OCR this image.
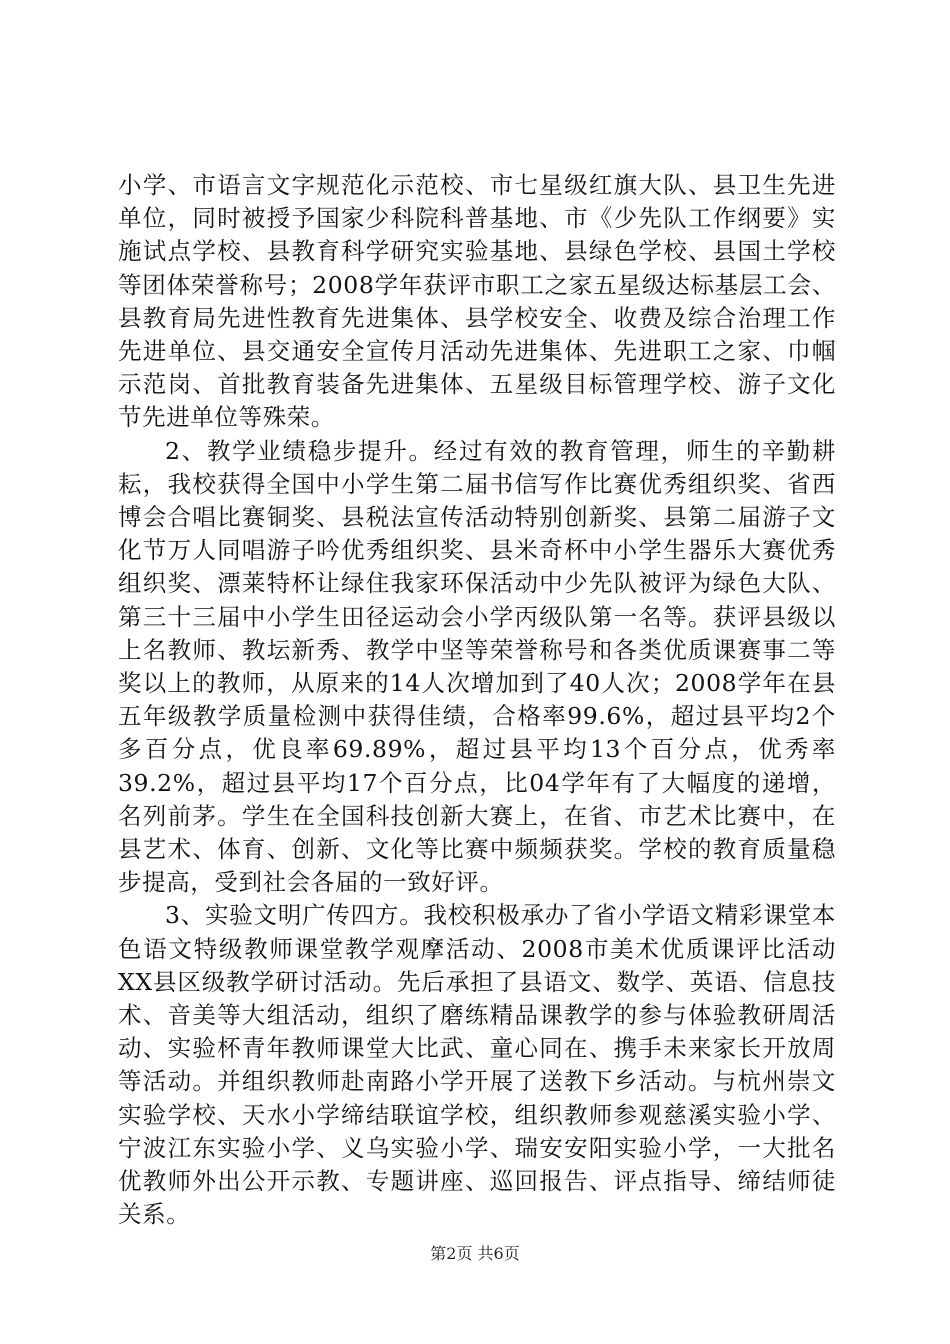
小学、市语言文字规范化示范校、市七星级红旗大队、县卫生先进单位，同时被授予国家少科院科普基地、市《少先队工作纲要》实施试点学校、县教育科学研究实验基地、县绿色学校、县国土学校等团体荣誉称号；2008学年获评市职工之家五星级达标基层工会、县教育局先进性教育先进集体、县学校安全、收费及综合治理工作先进单位、县交通安全宣传月活动先进集体、先进职工之家、巾帼示范岗、首批教育装备先进集体、五星级目标管理学校、游子文化节先进单位等殊荣。

2、教学业绩稳步提升。经过有效的教育管理，师生的辛勤耕耘，我校获得全国中小学生第二届书信写作比赛优秀组织奖、省西博会合唱比赛铜奖、县税法宣传活动特别创新奖、县第二届游子文化节万人同唱游子吟优秀组织奖、县米奇杯中小学生器乐大赛优秀组织奖、漂莱特杯让绿住我家环保活动中少先队被评为绿色大队、第三十三届中小学生田径运动会小学丙级队第一名等。获评县级以上名教师、教坛新秀、教学中坚等荣誉称号和各类优质课赛事二等奖以上的教师，从原来的14人次增加到了40人次；2008学年在县五年级教学质量检测中获得佳绩，合格率99.6%，超过县平均2个多百分点，优良率69.89%，超过县平均13个百分点，优秀率39.2%，超过县平均17个百分点，比04学年有了大幅度的递增，名列前茅。学生在全国科技创新大赛上，在省、市艺术比赛中，在县艺术、体育、创新、文化等比赛中频频获奖。学校的教育质量稳步提高，受到社会各届的一致好评。

3、实验文明广传四方。我校积极承办了省小学语文精彩课堂本色语文特级教师课堂教学观摩活动、2008市美术优质课评比活动XX县区级教学研讨活动。先后承担了县语文、数学、英语、信息技术、音美等大组活动，组织了磨练精品课教学的参与体验教研周活动、实验杯青年教师课堂大比武、童心同在、携手未来家长开放周等活动。并组织教师赴南路小学开展了送教下乡活动。与杭州崇文实验学校、天水小学缔结联谊学校，组织教师参观慈溪实验小学、宁波江东实验小学、义乌实验小学、瑞安安阳实验小学，一大批名优教师外出公开示教、专题讲座、巡回报告、评点指导、缔结师徒关系。

第2页 共6页
